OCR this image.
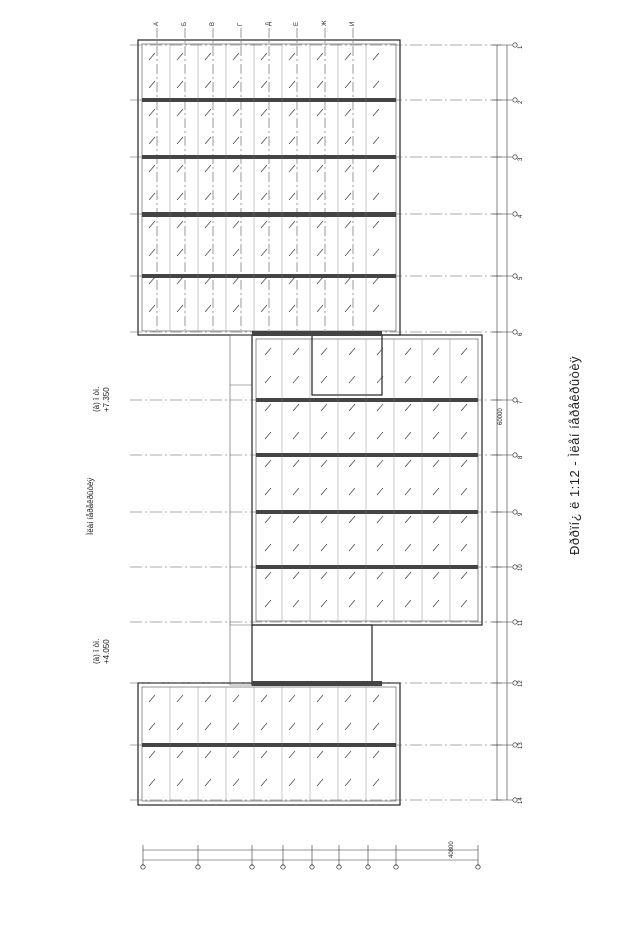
Ðððïí¿ ë 1:12 - Ìëåí íåðåêðûòèÿ
Ìëàí íåðåêðûòèÿ
(à) î òì. +7.350
(à) î òì. +4.050
40800
60000
А	Б	В	Г	Д	Е	Ж	И
1
2
3
4
5
6
7
8
9
10
11
12
13
14
